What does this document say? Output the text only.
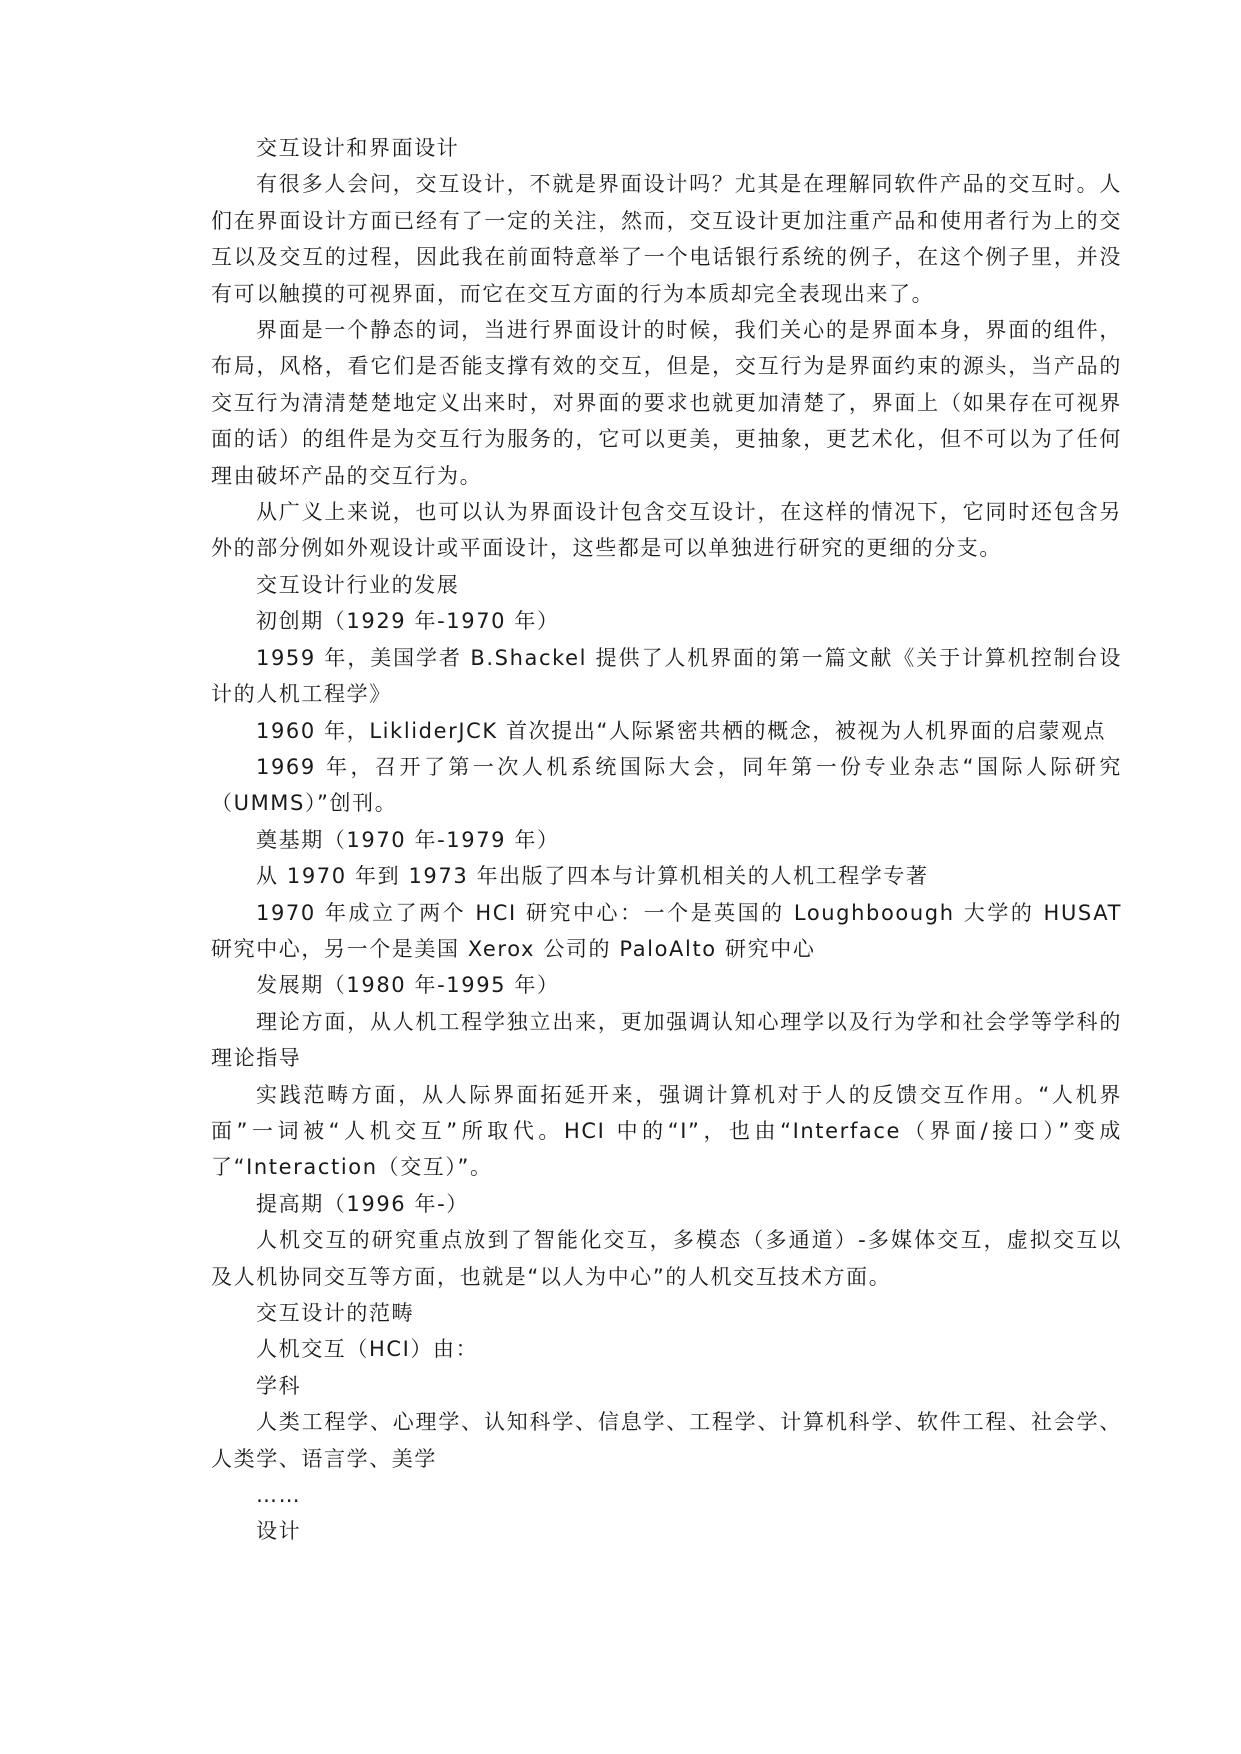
交互设计和界面设计

有很多人会问，交互设计，不就是界面设计吗？尤其是在理解同软件产品的交互时。人们在界面设计方面已经有了一定的关注，然而，交互设计更加注重产品和使用者行为上的交互以及交互的过程，因此我在前面特意举了一个电话银行系统的例子，在这个例子里，并没有可以触摸的可视界面，而它在交互方面的行为本质却完全表现出来了。

界面是一个静态的词，当进行界面设计的时候，我们关心的是界面本身，界面的组件，布局，风格，看它们是否能支撑有效的交互，但是，交互行为是界面约束的源头，当产品的交互行为清清楚楚地定义出来时，对界面的要求也就更加清楚了，界面上（如果存在可视界面的话）的组件是为交互行为服务的，它可以更美，更抽象，更艺术化，但不可以为了任何理由破坏产品的交互行为。

从广义上来说，也可以认为界面设计包含交互设计，在这样的情况下，它同时还包含另外的部分例如外观设计或平面设计，这些都是可以单独进行研究的更细的分支。

交互设计行业的发展

初创期（1929 年-1970 年）

1959 年，美国学者 B.Shackel 提供了人机界面的第一篇文献《关于计算机控制台设计的人机工程学》

1960 年，LikliderJCK 首次提出“人际紧密共栖的概念，被视为人机界面的启蒙观点

1969 年，召开了第一次人机系统国际大会，同年第一份专业杂志“国际人际研究（UMMS）”创刊。

奠基期（1970 年-1979 年）

从 1970 年到 1973 年出版了四本与计算机相关的人机工程学专著

1970 年成立了两个 HCI 研究中心：一个是英国的 Loughboough 大学的 HUSAT 研究中心，另一个是美国 Xerox 公司的 PaloAlto 研究中心

发展期（1980 年-1995 年）

理论方面，从人机工程学独立出来，更加强调认知心理学以及行为学和社会学等学科的理论指导

实践范畴方面，从人际界面拓延开来，强调计算机对于人的反馈交互作用。“人机界面”一词被“人机交互”所取代。HCI 中的“I”，也由“Interface（界面/接口）”变成了“Interaction（交互）”。

提高期（1996 年-）

人机交互的研究重点放到了智能化交互，多模态（多通道）-多媒体交互，虚拟交互以及人机协同交互等方面，也就是“以人为中心”的人机交互技术方面。

交互设计的范畴

人机交互（HCI）由：

学科

人类工程学、心理学、认知科学、信息学、工程学、计算机科学、软件工程、社会学、人类学、语言学、美学

……

设计
